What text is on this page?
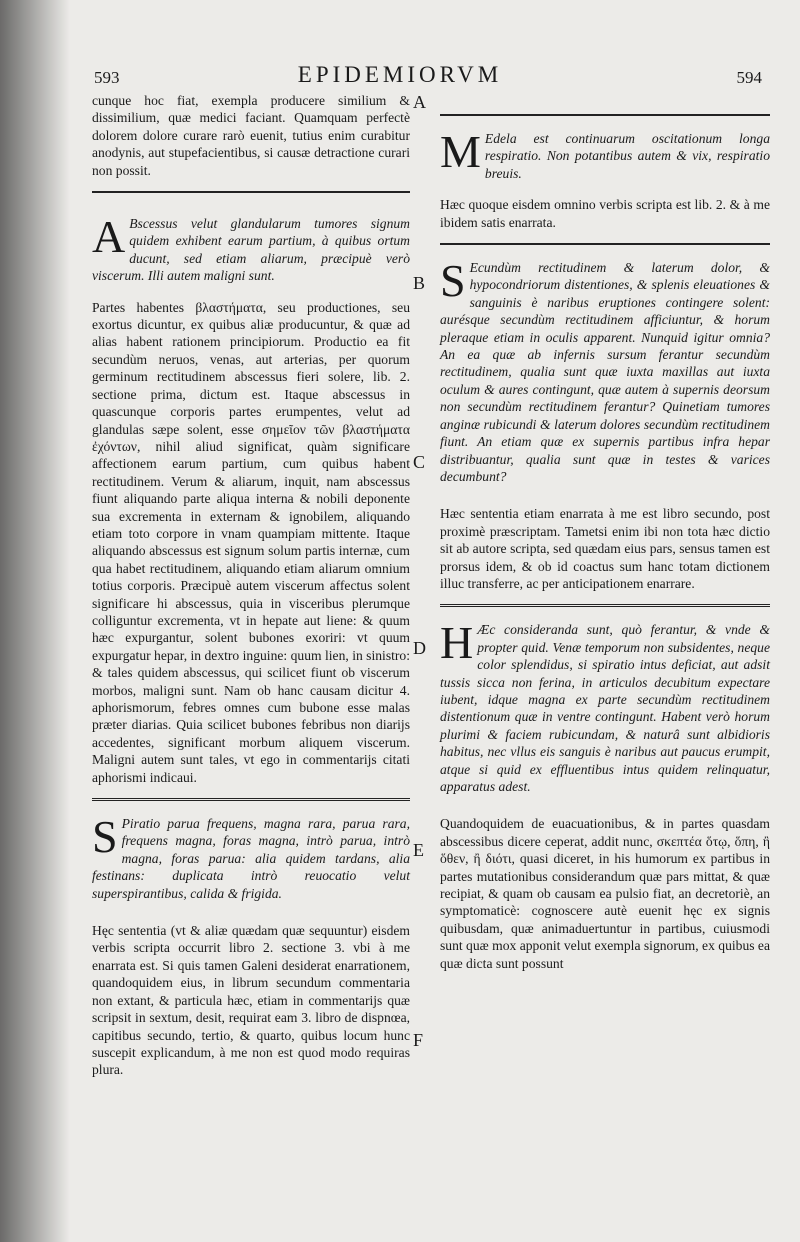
593	EPIDEMIORVM	594

cunque hoc fiat, exempla producere similium & dissimilium, quæ medici faciant. Quamquam perfectè dolorem dolore curare rarò euenit, tutius enim curabitur anodynis, aut stupefacientibus, si causæ detractione curari non possit.

A Bscessus velut glandularum tumores signum quidem exhibent earum partium, à quibus ortum ducunt, sed etiam aliarum, præcipuè verò viscerum. Illi autem maligni sunt.

Partes habentes βλαστήματα, seu productiones, seu exortus dicuntur, ex quibus aliæ producuntur, & quæ ad alias habent rationem principiorum. Productio ea fit secundùm neruos, venas, aut arterias, per quorum germinum rectitudinem abscessus fieri solere, lib. 2. sectione prima, dictum est. Itaque abscessus in quascunque corporis partes erumpentes, velut ad glandulas sæpe solent, esse σημεῖον τῶν βλαστήματα ἐχόντων, nihil aliud significat, quàm significare affectionem earum partium, cum quibus habent rectitudinem. Verum & aliarum, inquit, nam abscessus fiunt aliquando parte aliqua interna & nobili deponente sua excrementa in externam & ignobilem, aliquando etiam toto corpore in vnam quampiam mittente. Itaque aliquando abscessus est signum solum partis internæ, cum qua habet rectitudinem, aliquando etiam aliarum omnium totius corporis. Præcipuè autem viscerum affectus solent significare hi abscessus, quia in visceribus plerumque colliguntur excrementa, vt in hepate aut liene: & quum hæc expurgantur, solent bubones exoriri: vt quum expurgatur hepar, in dextro inguine: quum lien, in sinistro: & tales quidem abscessus, qui scilicet fiunt ob viscerum morbos, maligni sunt. Nam ob hanc causam dicitur 4. aphorismorum, febres omnes cum bubone esse malas præter diarias. Quia scilicet bubones febribus non diarijs accedentes, significant morbum aliquem viscerum. Maligni autem sunt tales, vt ego in commentarijs citati aphorismi indicaui.

S Piratio parua frequens, magna rara, parua rara, frequens magna, foras magna, intrò parua, intrò magna, foras parua: alia quidem tardans, alia festinans: duplicata intrò reuocatio velut superspirantibus, calida & frigida.

Hęc sententia (vt & aliæ quædam quæ sequuntur) eisdem verbis scripta occurrit libro 2. sectione 3. vbi à me enarrata est. Si quis tamen Galeni desiderat enarrationem, quandoquidem eius, in librum secundum commentaria non extant, & particula hæc, etiam in commentarijs quæ scripsit in sextum, desit, requirat eam 3. libro de dispnœa, capitibus secundo, tertio, & quarto, quibus locum hunc suscepit explicandum, à me non est quod modo requiras plura.

A
B
C
D
E
F

M Edela est continuarum oscitationum longa respiratio. Non potantibus autem & vix, respiratio breuis.

Hæc quoque eisdem omnino verbis scripta est lib. 2. & à me ibidem satis enarrata.

S Ecundùm rectitudinem & laterum dolor, & hypocondriorum distentiones, & splenis eleuationes & sanguinis è naribus eruptiones contingere solent: aurésque secundùm rectitudinem afficiuntur, & horum pleraque etiam in oculis apparent. Nunquid igitur omnia? An ea quæ ab infernis sursum ferantur secundùm rectitudinem, qualia sunt quæ iuxta maxillas aut iuxta oculum & aures contingunt, quæ autem à supernis deorsum non secundùm rectitudinem ferantur? Quinetiam tumores anginæ rubicundi & laterum dolores secundùm rectitudinem fiunt. An etiam quæ ex supernis partibus infra hepar distribuantur, qualia sunt quæ in testes & varices decumbunt?

Hæc sententia etiam enarrata à me est libro secundo, post proximè præscriptam. Tametsi enim ibi non tota hæc dictio sit ab autore scripta, sed quædam eius pars, sensus tamen est prorsus idem, & ob id coactus sum hanc totam dictionem illuc transferre, ac per anticipationem enarrare.

H Æc consideranda sunt, quò ferantur, & vnde & propter quid. Venæ temporum non subsidentes, neque color splendidus, si spiratio intus deficiat, aut adsit tussis sicca non ferina, in articulos decubitum expectare iubent, idque magna ex parte secundùm rectitudinem distentionum quæ in ventre contingunt. Habent verò horum plurimi & faciem rubicundam, & naturâ sunt albidioris habitus, nec vllus eis sanguis è naribus aut paucus erumpit, atque si quid ex effluentibus intus quidem relinquatur, apparatus adest.

Quandoquidem de euacuationibus, & in partes quasdam abscessibus dicere ceperat, addit nunc, σκεπτέα ὅτῳ, ὅπη, ἢ ὅθεν, ἢ διότι, quasi diceret, in his humorum ex partibus in partes mutationibus considerandum quæ pars mittat, & quæ recipiat, & quam ob causam ea pulsio fiat, an decretoriè, an symptomaticè: cognoscere autè euenit hęc ex signis quibusdam, quæ animaduertuntur in partibus, cuiusmodi sunt quæ mox apponit velut exempla signorum, ex quibus ea quæ dicta sunt possunt
